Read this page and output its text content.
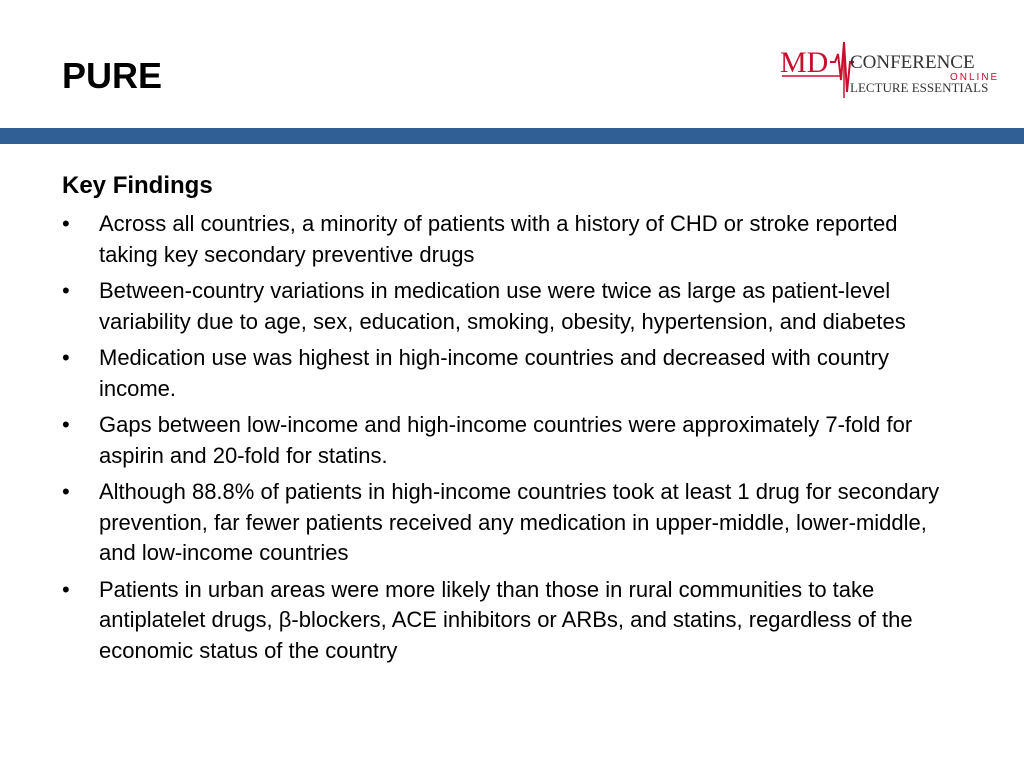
PURE	MD CONFERENCE
ONLINE
LECTURE ESSENTIALS
Key Findings
• Across all countries, a minority of patients with a history of CHD or stroke reported taking key secondary preventive drugs
• Between-country variations in medication use were twice as large as patient-level variability due to age, sex, education, smoking, obesity, hypertension, and diabetes
• Medication use was highest in high-income countries and decreased with country income.
• Gaps between low-income and high-income countries were approximately 7-fold for aspirin and 20-fold for statins.
• Although 88.8% of patients in high-income countries took at least 1 drug for secondary prevention, far fewer patients received any medication in upper-middle, lower-middle, and low-income countries
• Patients in urban areas were more likely than those in rural communities to take antiplatelet drugs, β-blockers, ACE inhibitors or ARBs, and statins, regardless of the economic status of the country
